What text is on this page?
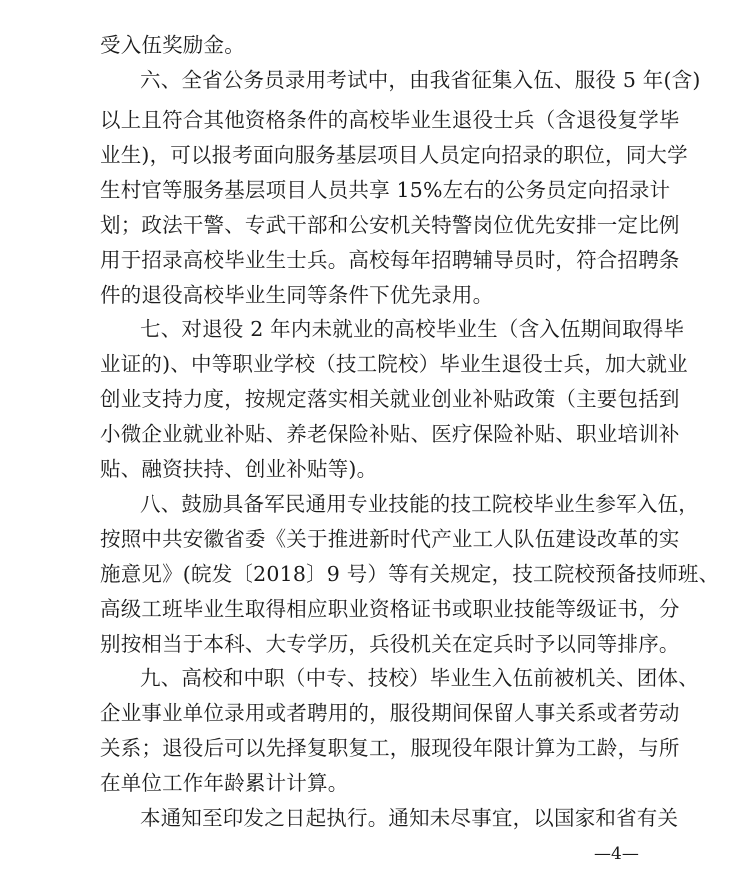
受入伍奖励金。
六、全省公务员录用考试中，由我省征集入伍、服役 5 年(含)
以上且符合其他资格条件的高校毕业生退役士兵（含退役复学毕
业生)，可以报考面向服务基层项目人员定向招录的职位，同大学
生村官等服务基层项目人员共享 15%左右的公务员定向招录计
划；政法干警、专武干部和公安机关特警岗位优先安排一定比例
用于招录高校毕业生士兵。高校每年招聘辅导员时，符合招聘条
件的退役高校毕业生同等条件下优先录用。
七、对退役 2 年内未就业的高校毕业生（含入伍期间取得毕
业证的)、中等职业学校（技工院校）毕业生退役士兵，加大就业
创业支持力度，按规定落实相关就业创业补贴政策（主要包括到
小微企业就业补贴、养老保险补贴、医疗保险补贴、职业培训补
贴、融资扶持、创业补贴等)。
八、鼓励具备军民通用专业技能的技工院校毕业生参军入伍，
按照中共安徽省委《关于推进新时代产业工人队伍建设改革的实
施意见》(皖发〔2018〕9 号）等有关规定，技工院校预备技师班、
高级工班毕业生取得相应职业资格证书或职业技能等级证书，分
别按相当于本科、大专学历，兵役机关在定兵时予以同等排序。
九、高校和中职（中专、技校）毕业生入伍前被机关、团体、
企业事业单位录用或者聘用的，服役期间保留人事关系或者劳动
关系；退役后可以先择复职复工，服现役年限计算为工龄，与所
在单位工作年龄累计计算。
本通知至印发之日起执行。通知未尽事宜，以国家和省有关
—4—
